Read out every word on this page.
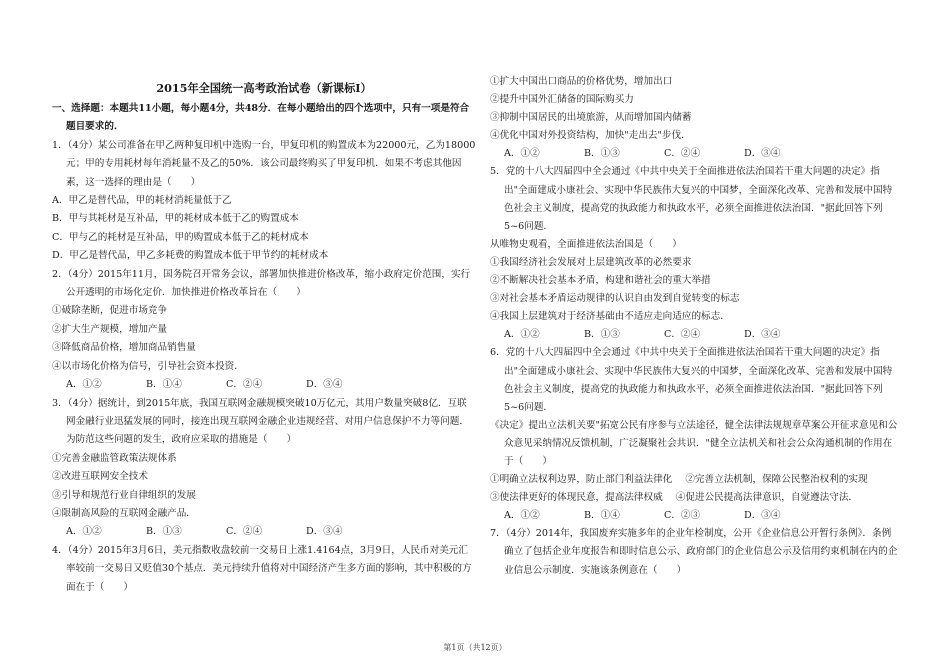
2015年全国统一高考政治试卷（新课标Ⅰ）
一、选择题：本题共11小题，每小题4分，共48分．在每小题给出的四个选项中，只有一项是符合题目要求的．
1．（4分）某公司准备在甲乙两种复印机中选购一台，甲复印机的购置成本为22000元，乙为18000元；甲的专用耗材每年消耗量不及乙的50%．该公司最终购买了甲复印机．如果不考虑其他因素，这一选择的理由是（　　）
A．甲乙是替代品，甲的耗材消耗量低于乙
B．甲与其耗材是互补品，甲的耗材成本低于乙的购置成本
C．甲与乙的耗材是互补品，甲的购置成本低于乙的耗材成本
D．甲乙是替代品，甲乙多耗费的购置成本低于甲节约的耗材成本
2．（4分）2015年11月，国务院召开常务会议，部署加快推进价格改革，缩小政府定价范围，实行公开透明的市场化定价．加快推进价格改革旨在（　　）
①破除垄断，促进市场竞争
②扩大生产规模，增加产量
③降低商品价格，增加商品销售量
④以市场化价格为信号，引导社会资本投资．
A．①②	B．①④	C．②④	D．③④
3．（4分）据统计，到2015年底，我国互联网金融规模突破10万亿元，其用户数量突破8亿．互联网金融行业迅猛发展的同时，接连出现互联网金融企业违规经营、对用户信息保护不力等问题．为防范这些问题的发生，政府应采取的措施是（　　）
①完善金融监管政策法规体系
②改进互联网安全技术
③引导和规范行业自律组织的发展
④限制高风险的互联网金融产品．
A．①②	B．①③	C．②④	D．③④
4．（4分）2015年3月6日，美元指数收盘较前一交易日上涨1.4164点，3月9日，人民币对美元汇率较前一交易日又贬值30个基点．美元持续升值将对中国经济产生多方面的影响，其中积极的方面在于（　　）
①扩大中国出口商品的价格优势，增加出口
②提升中国外汇储备的国际购买力
③抑制中国居民的出境旅游，从而增加国内储蓄
④优化中国对外投资结构，加快"走出去"步伐．
A．①②	B．①③	C．②④	D．③④
5．党的十八大四届四中全会通过《中共中央关于全面推进依法治国若干重大问题的决定》指出"全面建成小康社会、实现中华民族伟大复兴的中国梦，全面深化改革、完善和发展中国特色社会主义制度，提高党的执政能力和执政水平，必须全面推进依法治国．"据此回答下列5~6问题．
从唯物史观看，全面推进依法治国是（　　）
①我国经济社会发展对上层建筑改革的必然要求
②不断解决社会基本矛盾，构建和谐社会的重大举措
③对社会基本矛盾运动规律的认识自由发到自觉转变的标志
④我国上层建筑对于经济基础由不适应走向适应的标志．
A．①②	B．①③	C．②④	D．③④
6．党的十八大四届四中全会通过《中共中央关于全面推进依法治国若干重大问题的决定》指出"全面建成小康社会、实现中华民族伟大复兴的中国梦，全面深化改革、完善和发展中国特色社会主义制度，提高党的执政能力和执政水平，必须全面推进依法治国．"据此回答下列5~6问题．
《决定》提出立法机关要"拓宽公民有序参与立法途径，健全法律法规规章草案公开征求意见和公众意见采纳情况反馈机制，广泛凝聚社会共识．"健全立法机关和社会公众沟通机制的作用在于（　　）
①明确立法权利边界，防止部门利益法律化 ②完善立法机制，保障公民整治权利的实现
③使法律更好的体现民意，提高法律权威 ④促进公民提高法律意识，自觉遵法守法．
A．①②	B．①④	C．②③	D．③④
7．（4分）2014年，我国废弃实施多年的企业年检制度，公开《企业信息公开暂行条例》．条例确立了包括企业年度报告和即时信息公示、政府部门的企业信息公示及信用约束机制在内的企业信息公示制度．实施该条例意在（　　）
第1页（共12页）
